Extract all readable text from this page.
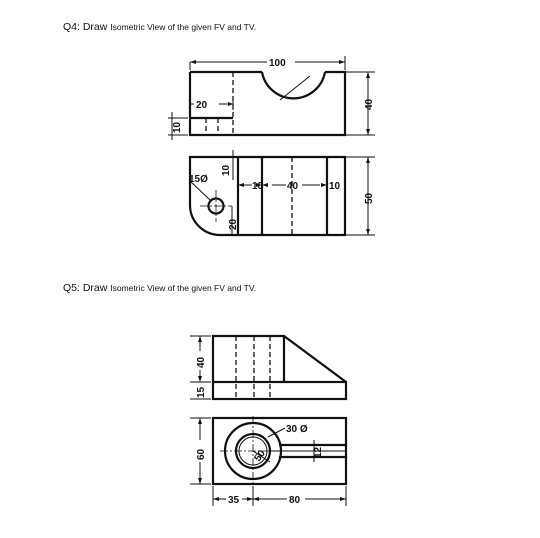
Q4: Draw Isometric View of the given FV and TV.
Q5: Draw Isometric View of the given FV and TV.
100
20
10
40
15Ø
10
10 40	10
50
20
40
15
30 Ø
12
60	50
35	80
